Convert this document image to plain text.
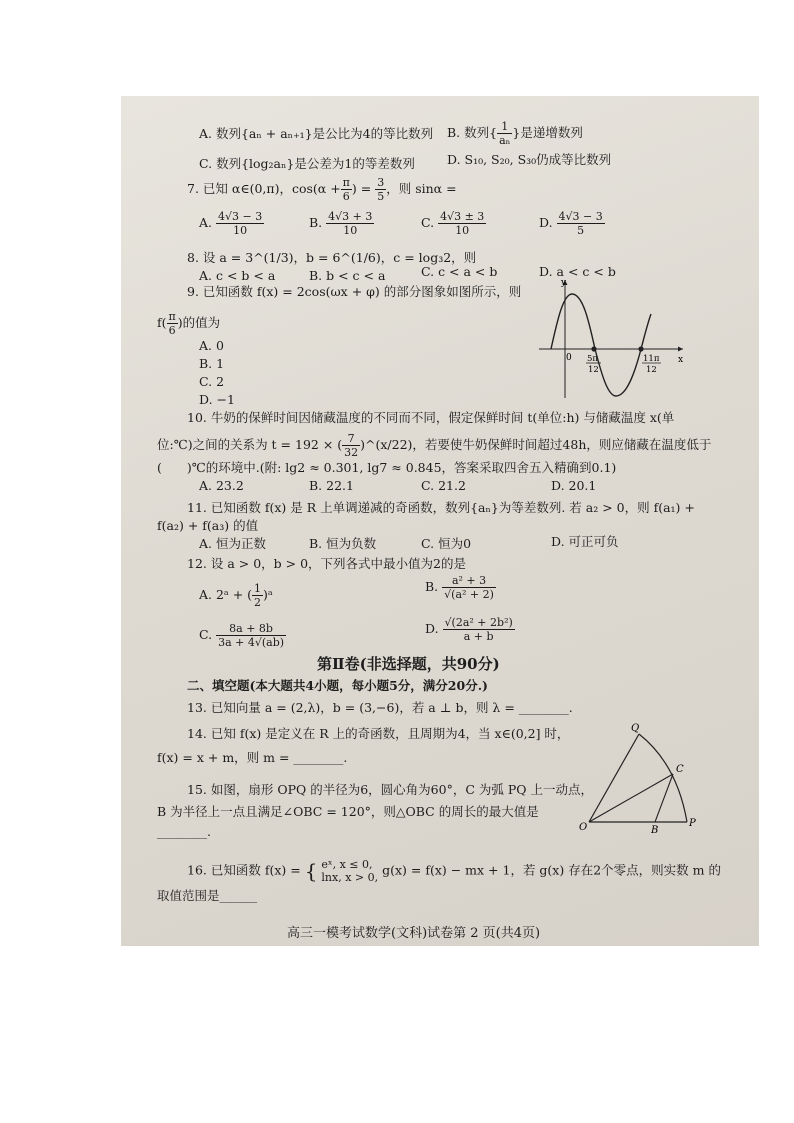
A. 数列{aₙ + aₙ₊₁}是公比为4的等比数列 B. 数列{ $\frac{1}{\text{aₙ}}$ }是递增数列
C. 数列{log₂aₙ}是公差为1的等差数列	D. S₁₀, S₂₀, S₃₀仍成等比数列
7. 已知 α∈(0,π)，$\cos(\alpha + \frac{\pi}{6}$ ) = $\frac{3}{5}$ ，则 sinα =
A. $\frac{4√3 - 3}{10}$	B. $\frac{4√3 + 3}{10}$	C. $\frac{4√3 \pm 3}{10}$	D. $\frac{4√3 - 3}{5}$
8. 设 a = 3^(1/3)，b = 6^(1/6)，c = log₃2，则
A. c < b < a	B. b < c < a	C. c < a < b	D. a < c < b
9. 已知函数 f(x) = 2cos(ωx + φ) 的部分图象如图所示，则
$f( \frac{\pi}{6}$ )的值为
A. 0
B. 1
C. 2
D. −1
y
x
0 5π
12
11π
12
10. 牛奶的保鲜时间因储藏温度的不同而不同，假定保鲜时间 t(单位:h) 与储藏温度 x(单
位:℃)之间的关系为 t = 192 × ( $\frac{7}{32}$ )^(x/22)，若要使牛奶保鲜时间超过48h，则应储藏在温度低于
(　　)℃的环境中.(附: lg2 ≈ 0.301, lg7 ≈ 0.845，答案采取四舍五入精确到0.1)
A. 23.2	B. 22.1	C. 21.2	D. 20.1
11. 已知函数 f(x) 是 R 上单调递减的奇函数，数列{aₙ}为等差数列. 若 a₂ > 0，则 f(a₁) +
f(a₂) + f(a₃) 的值
A. 恒为正数	B. 恒为负数	C. 恒为0	D. 可正可负
12. 设 a > 0，b > 0，下列各式中最小值为2的是
A. 2ᵃ + ( $\frac{1}{2}$ )ᵃ
B. $\frac{\text{a² + 3}}{\text{√(a² + 2)}}$
C. $\frac{8a + 8b}{3a + 4√(ab)}$	D. $\frac{\text{√(2a² + 2b²)}}{a + b}$
第Ⅱ卷(非选择题，共90分)
二、填空题(本大题共4小题，每小题5分，满分20分.)
13. 已知向量 a = (2,λ)，b = (3,−6)，若 a ⊥ b，则 λ = ________.
14. 已知 f(x) 是定义在 R 上的奇函数，且周期为4，当 x∈(0,2] 时，
f(x) = x + m，则 m = ________.
15. 如图，扇形 OPQ 的半径为6，圆心角为60°，C 为弧 PQ 上一动点，
B 为半径上一点且满足∠OBC = 120°，则△OBC 的周长的最大值是
________.
Q
C
O	B
P
16. 已知函数 f(x) = { eˣ, x ≤ 0,
lnx, x > 0, g(x) = f(x) − mx + 1，若 g(x) 存在2个零点，则实数 m 的
取值范围是______
高三一模考试数学(文科)试卷第 2 页(共4页)
